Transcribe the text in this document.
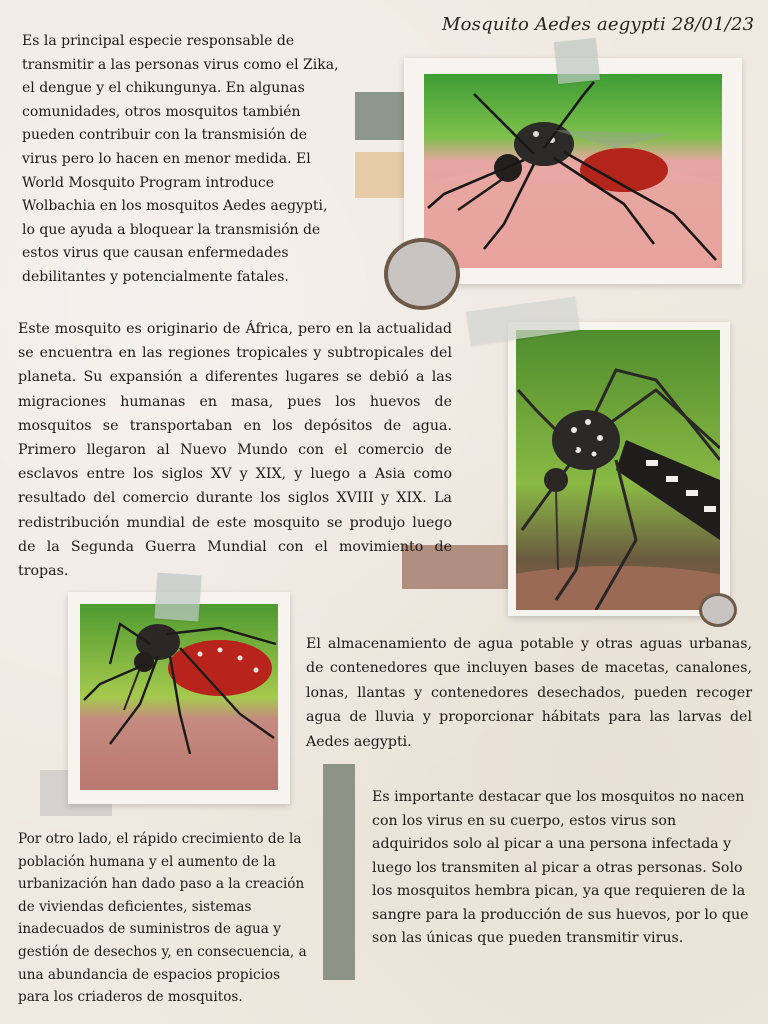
Mosquito Aedes aegypti 28/01/23

Es la principal especie responsable de transmitir a las personas virus como el Zika, el dengue y el chikungunya. En algunas comunidades, otros mosquitos también pueden contribuir con la transmisión de virus pero lo hacen en menor medida. El World Mosquito Program introduce Wolbachia en los mosquitos Aedes aegypti, lo que ayuda a bloquear la transmisión de estos virus que causan enfermedades debilitantes y potencialmente fatales.

Este mosquito es originario de África, pero en la actualidad se encuentra en las regiones tropicales y subtropicales del planeta. Su expansión a diferentes lugares se debió a las migraciones humanas en masa, pues los huevos de mosquitos se transportaban en los depósitos de agua. Primero llegaron al Nuevo Mundo con el comercio de esclavos entre los siglos XV y XIX, y luego a Asia como resultado del comercio durante los siglos XVIII y XIX. La redistribución mundial de este mosquito se produjo luego de la Segunda Guerra Mundial con el movimiento de tropas.

El almacenamiento de agua potable y otras aguas urbanas, de contenedores que incluyen bases de macetas, canalones, lonas, llantas y contenedores desechados, pueden recoger agua de lluvia y proporcionar hábitats para las larvas del Aedes aegypti.

Es importante destacar que los mosquitos no nacen con los virus en su cuerpo, estos virus son adquiridos solo al picar a una persona infectada y luego los transmiten al picar a otras personas. Solo los mosquitos hembra pican, ya que requieren de la sangre para la producción de sus huevos, por lo que son las únicas que pueden transmitir virus.

Por otro lado, el rápido crecimiento de la población humana y el aumento de la urbanización han dado paso a la creación de viviendas deficientes, sistemas inadecuados de suministros de agua y gestión de desechos y, en consecuencia, a una abundancia de espacios propicios para los criaderos de mosquitos.
